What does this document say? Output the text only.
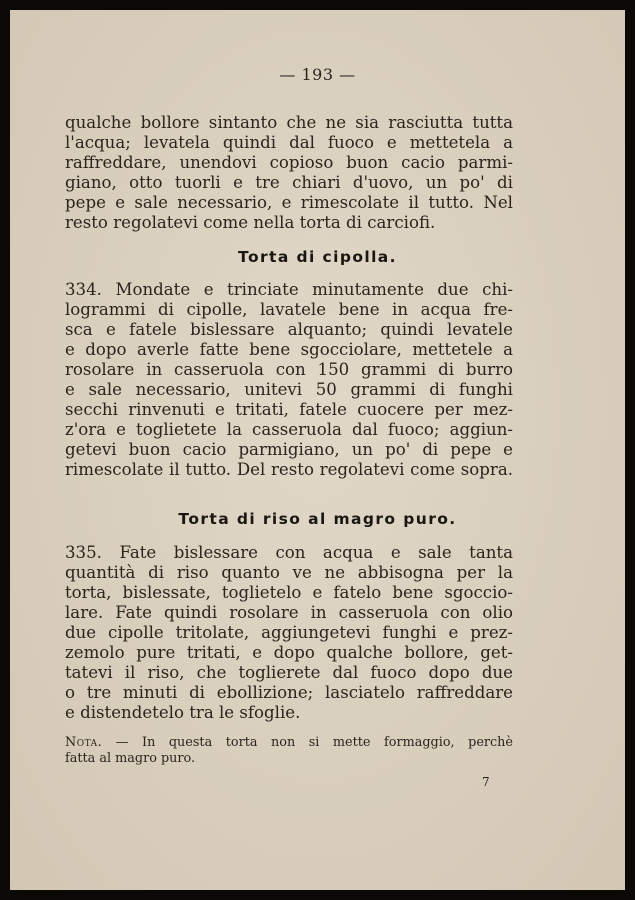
— 193 —
qualche bollore sintanto che ne sia rasciutta tutta
l'acqua; levatela quindi dal fuoco e mettetela a
raffreddare, unendovi copioso buon cacio parmi-
giano, otto tuorli e tre chiari d'uovo, un po' di
pepe e sale necessario, e rimescolate il tutto. Nel
resto regolatevi come nella torta di carciofi.
Torta di cipolla.
334. Mondate e trinciate minutamente due chi-
logrammi di cipolle, lavatele bene in acqua fre-
sca e fatele bislessare alquanto; quindi levatele
e dopo averle fatte bene sgocciolare, mettetele a
rosolare in casseruola con 150 grammi di burro
e sale necessario, unitevi 50 grammi di funghi
secchi rinvenuti e tritati, fatele cuocere per mez-
z'ora e toglietete la casseruola dal fuoco; aggiun-
getevi buon cacio parmigiano, un po' di pepe e
rimescolate il tutto. Del resto regolatevi come sopra.
Torta di riso al magro puro.
335. Fate bislessare con acqua e sale tanta
quantità di riso quanto ve ne abbisogna per la
torta, bislessate, toglietelo e fatelo bene sgoccio-
lare. Fate quindi rosolare in casseruola con olio
due cipolle tritolate, aggiungetevi funghi e prez-
zemolo pure tritati, e dopo qualche bollore, get-
tatevi il riso, che toglierete dal fuoco dopo due
o tre minuti di ebollizione; lasciatelo raffreddare
e distendetelo tra le sfoglie.
Nota. — In questa torta non si mette formaggio, perchè
fatta al magro puro.
7
